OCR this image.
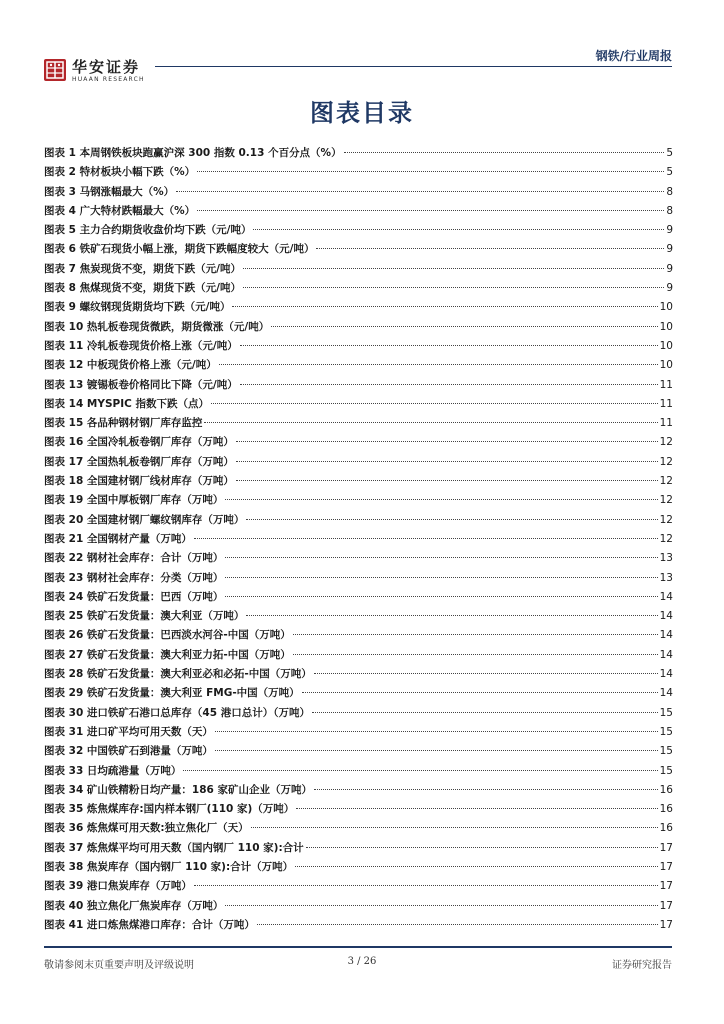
华安证券
HUAAN RESEARCH
钢铁/行业周报
图表目录
图表 1 本周钢铁板块跑赢沪深 300 指数 0.13 个百分点（%）	5
图表 2 特材板块小幅下跌（%）	5
图表 3 马钢涨幅最大（%）	8
图表 4 广大特材跌幅最大（%）	8
图表 5 主力合约期货收盘价均下跌（元/吨）	9
图表 6 铁矿石现货小幅上涨，期货下跌幅度较大（元/吨）	9
图表 7 焦炭现货不变，期货下跌（元/吨）	9
图表 8 焦煤现货不变，期货下跌（元/吨）	9
图表 9 螺纹钢现货期货均下跌（元/吨）	10
图表 10 热轧板卷现货微跌，期货微涨（元/吨）	10
图表 11 冷轧板卷现货价格上涨（元/吨）	10
图表 12 中板现货价格上涨（元/吨）	10
图表 13 镀锡板卷价格同比下降（元/吨）	11
图表 14 MYSPIC 指数下跌（点）	11
图表 15 各品种钢材钢厂库存监控	11
图表 16 全国冷轧板卷钢厂库存（万吨）	12
图表 17 全国热轧板卷钢厂库存（万吨）	12
图表 18 全国建材钢厂线材库存（万吨）	12
图表 19 全国中厚板钢厂库存（万吨）	12
图表 20 全国建材钢厂螺纹钢库存（万吨）	12
图表 21 全国钢材产量（万吨）	12
图表 22 钢材社会库存：合计（万吨）	13
图表 23 钢材社会库存：分类（万吨）	13
图表 24 铁矿石发货量：巴西（万吨）	14
图表 25 铁矿石发货量：澳大利亚（万吨）	14
图表 26 铁矿石发货量：巴西淡水河谷-中国（万吨）	14
图表 27 铁矿石发货量：澳大利亚力拓-中国（万吨）	14
图表 28 铁矿石发货量：澳大利亚必和必拓-中国（万吨）	14
图表 29 铁矿石发货量：澳大利亚 FMG-中国（万吨）	14
图表 30 进口铁矿石港口总库存（45 港口总计）（万吨）	15
图表 31 进口矿平均可用天数（天）	15
图表 32 中国铁矿石到港量（万吨）	15
图表 33 日均疏港量（万吨）	15
图表 34 矿山铁精粉日均产量：186 家矿山企业（万吨）	16
图表 35 炼焦煤库存:国内样本钢厂(110 家)（万吨）	16
图表 36 炼焦煤可用天数:独立焦化厂（天）	16
图表 37 炼焦煤平均可用天数（国内钢厂 110 家):合计	17
图表 38 焦炭库存（国内钢厂 110 家):合计（万吨）	17
图表 39 港口焦炭库存（万吨）	17
图表 40 独立焦化厂焦炭库存（万吨）	17
图表 41 进口炼焦煤港口库存：合计（万吨）	17
敬请参阅末页重要声明及评级说明	3 / 26	证券研究报告
